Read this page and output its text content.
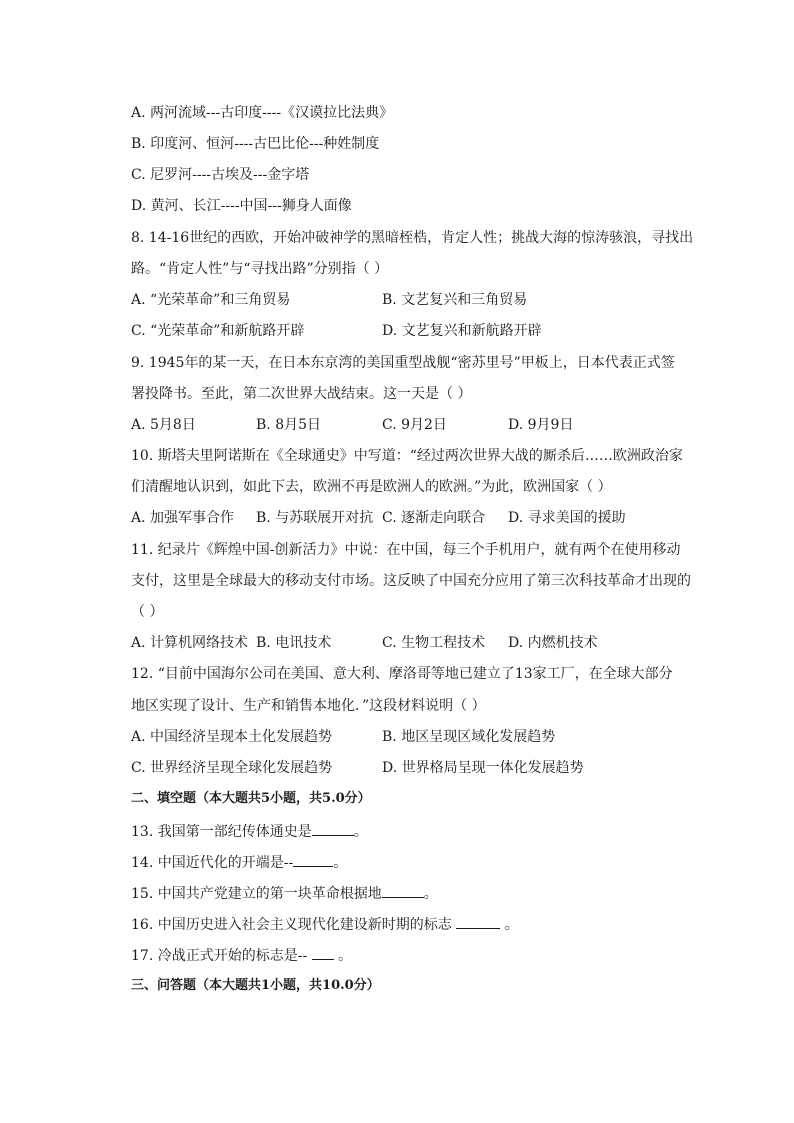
A. 两河流域---古印度----《汉谟拉比法典》
B. 印度河、恒河----古巴比伦---种姓制度
C. 尼罗河----古埃及---金字塔
D. 黄河、长江----中国---狮身人面像
8. 14-16世纪的西欧，开始冲破神学的黑暗桎梏，肯定人性；挑战大海的惊涛骇浪，寻找出
路。“肯定人性”与“寻找出路”分别指（ ）
A. “光荣革命”和三角贸易	B. 文艺复兴和三角贸易
C. “光荣革命”和新航路开辟	D. 文艺复兴和新航路开辟
9. 1945年的某一天，在日本东京湾的美国重型战舰“密苏里号”甲板上，日本代表正式签
署投降书。至此，第二次世界大战结束。这一天是（ ）
A. 5月8日	B. 8月5日	C. 9月2日	D. 9月9日
10. 斯塔夫里阿诺斯在《全球通史》中写道：“经过两次世界大战的厮杀后……欧洲政治家
们清醒地认识到，如此下去，欧洲不再是欧洲人的欧洲。”为此，欧洲国家（ ）
A. 加强军事合作 B. 与苏联展开对抗 C. 逐渐走向联合 D. 寻求美国的援助
11. 纪录片《辉煌中国-创新活力》中说：在中国，每三个手机用户，就有两个在使用移动
支付，这里是全球最大的移动支付市场。这反映了中国充分应用了第三次科技革命才出现的
（ ）
A. 计算机网络技术 B. 电讯技术	C. 生物工程技术 D. 内燃机技术
12. “目前中国海尔公司在美国、意大利、摩洛哥等地已建立了13家工厂，在全球大部分
地区实现了设计、生产和销售本地化．”这段材料说明（ ）
A. 中国经济呈现本土化发展趋势	B. 地区呈现区域化发展趋势
C. 世界经济呈现全球化发展趋势	D. 世界格局呈现一体化发展趋势
二、填空题（本大题共5小题，共5.0分）
13. 我国第一部纪传体通史是	。
14. 中国近代化的开端是--	。
15. 中国共产党建立的第一块革命根据地	。
16. 中国历史进入社会主义现代化建设新时期的标志	。
17. 冷战正式开始的标志是--  。
三、问答题（本大题共1小题，共10.0分）
